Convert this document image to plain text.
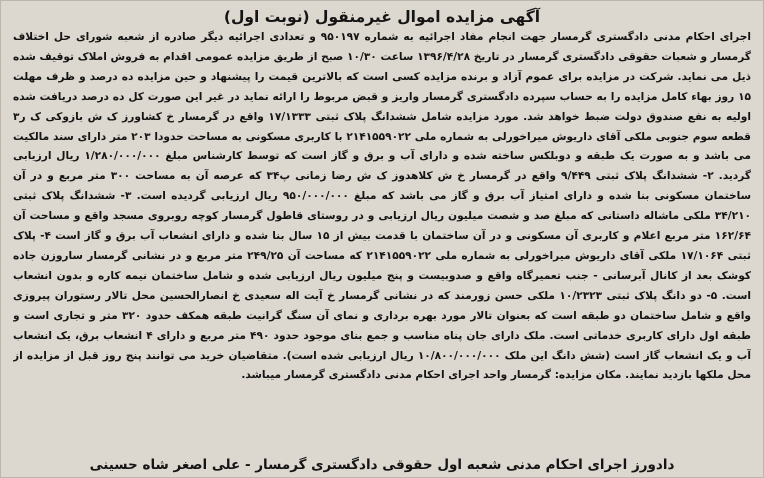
آگهی مزایده اموال غیرمنقول (نوبت اول)

اجرای احکام مدنی دادگستری گرمسار جهت انجام مفاد اجرائیه به شماره ۹۵۰۱۹۷ و تعدادی اجرائیه دیگر صادره از شعبه شورای حل اختلاف گرمسار و شعبات حقوقی دادگستری گرمسار در تاریخ ۱۳۹۶/۴/۲۸ ساعت ۱۰/۳۰ صبح از طریق مزایده عمومی اقدام به فروش املاک توقیف شده ذیل می نماید. شرکت در مزایده برای عموم آزاد و برنده مزایده کسی است که بالاترین قیمت را پیشنهاد و حین مزایده ده درصد و ظرف مهلت ۱۵ روز بهاء کامل مزایده را به حساب سپرده دادگستری گرمسار واریز و قبض مربوط را ارائه نماید در غیر این صورت کل ده درصد دریافت شده اولیه به نفع صندوق دولت ضبط خواهد شد. مورد مزایده شامل ششدانگ پلاک ثبتی ۱۷/۱۳۳۳ واقع در گرمسار خ کشاورز ک ش بازوکی ک ر۳ قطعه سوم جنوبی ملکی آقای داریوش میراخورلی به شماره ملی ۲۱۴۱۵۵۹۰۲۲ با کاربری مسکونی به مساحت حدودا ۲۰۳ متر دارای سند مالکیت می باشد و به صورت یک طبقه و دوبلکس ساخته شده و دارای آب و برق و گاز است که توسط کارشناس مبلغ ۱/۲۸۰/۰۰۰/۰۰۰ ریال ارزیابی گردید. ۲- ششدانگ پلاک ثبتی ۹/۴۴۹ واقع در گرمسار خ ش کلاهدوز ک ش رضا زمانی پ۳۴ که عرصه آن به مساحت ۳۰۰ متر مربع و در آن ساختمان مسکونی بنا شده و دارای امتیاز آب برق و گاز می باشد که مبلغ ۹۵۰/۰۰۰/۰۰۰ ریال ارزیابی گردیده است. ۳- ششدانگ پلاک ثبتی ۳۴/۲۱۰ ملکی ماشاله داستانی که مبلغ صد و شصت میلیون ریال ارزیابی و در روستای قاطول گرمسار کوچه روبروی مسجد واقع و مساحت آن ۱۶۲/۶۴ متر مربع اعلام و کاربری آن مسکونی و در آن ساختمان با قدمت بیش از ۱۵ سال بنا شده و دارای انشعاب آب برق و گاز است ۴- پلاک ثبتی ۱۷/۱۰۶۴ ملکی آقای داریوش میراخورلی به شماره ملی ۲۱۴۱۵۵۹۰۲۲ که مساحت آن ۲۴۹/۲۵ متر مربع و در نشانی گرمسار ساروزن جاده کوشک بعد از کانال آبرسانی - جنب تعمیرگاه واقع و صدوبیست و پنج میلیون ریال ارزیابی شده و شامل ساختمان نیمه کاره و بدون انشعاب است. ۵- دو دانگ پلاک ثبتی ۱۰/۲۳۲۳ ملکی حسن زورمند که در نشانی گرمسار خ آیت اله سعیدی خ انصارالحسین محل تالار رستوران پیروزی واقع و شامل ساختمان دو طبقه است که بعنوان تالار مورد بهره برداری و نمای آن سنگ گرانیت طبقه همکف حدود ۳۲۰ متر و تجاری است و طبقه اول دارای کاربری خدماتی است. ملک دارای جان پناه مناسب و جمع بنای موجود حدود ۴۹۰ متر مربع و دارای ۴ انشعاب برق، یک انشعاب آب و یک انشعاب گاز است (شش دانگ این ملک ۱۰/۸۰۰/۰۰۰/۰۰۰ ریال ارزیابی شده است). متقاضیان خرید می توانند پنج روز قبل از مزایده از محل ملکها بازدید نمایند. مکان مزایده: گرمسار واحد اجرای احکام مدنی دادگستری گرمسار میباشد.

دادورز اجرای احکام مدنی شعبه اول حقوقی دادگستری گرمسار - علی اصغر شاه حسینی
